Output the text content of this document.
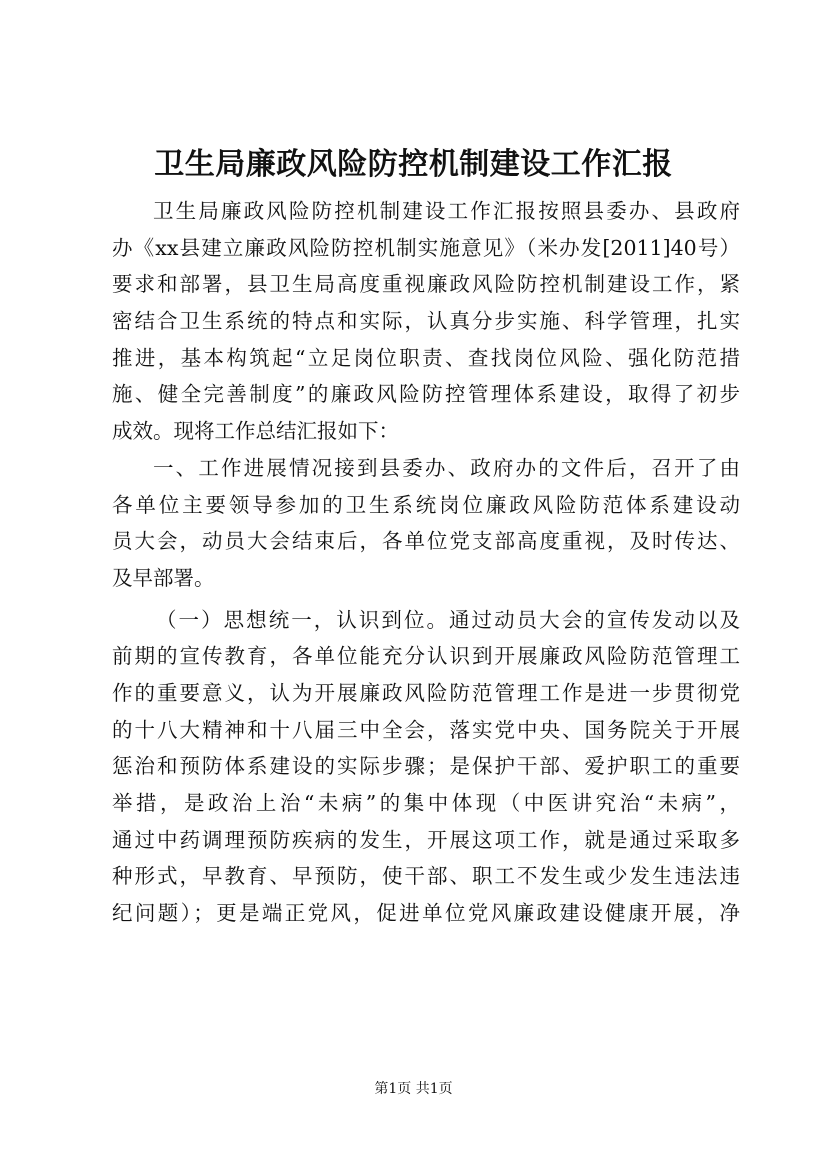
卫生局廉政风险防控机制建设工作汇报
卫生局廉政风险防控机制建设工作汇报按照县委办、县政府
办《xx县建立廉政风险防控机制实施意见》（米办发[2011]40号）
要求和部署，县卫生局高度重视廉政风险防控机制建设工作，紧
密结合卫生系统的特点和实际，认真分步实施、科学管理，扎实
推进，基本构筑起“立足岗位职责、查找岗位风险、强化防范措
施、健全完善制度”的廉政风险防控管理体系建设，取得了初步
成效。现将工作总结汇报如下：
一、工作进展情况接到县委办、政府办的文件后，召开了由
各单位主要领导参加的卫生系统岗位廉政风险防范体系建设动
员大会，动员大会结束后，各单位党支部高度重视，及时传达、
及早部署。
（一）思想统一，认识到位。通过动员大会的宣传发动以及
前期的宣传教育，各单位能充分认识到开展廉政风险防范管理工
作的重要意义，认为开展廉政风险防范管理工作是进一步贯彻党
的十八大精神和十八届三中全会，落实党中央、国务院关于开展
惩治和预防体系建设的实际步骤；是保护干部、爱护职工的重要
举措，是政治上治“未病”的集中体现（中医讲究治“未病”，
通过中药调理预防疾病的发生，开展这项工作，就是通过采取多
种形式，早教育、早预防，使干部、职工不发生或少发生违法违
纪问题）；更是端正党风，促进单位党风廉政建设健康开展，净
第1页 共1页
